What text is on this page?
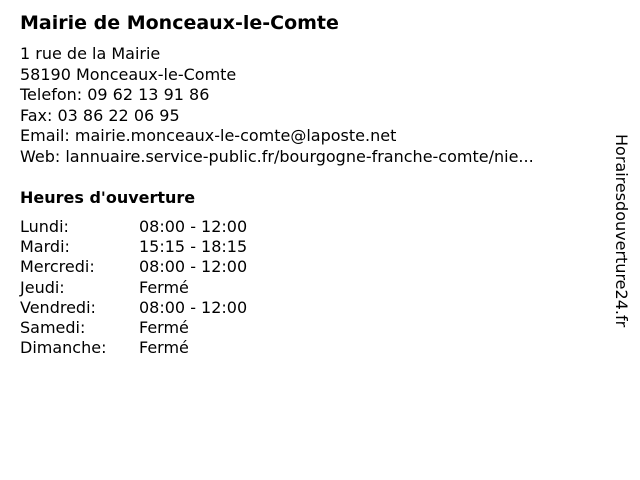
Mairie de Monceaux-le-Comte
1 rue de la Mairie
58190 Monceaux-le-Comte
Telefon: 09 62 13 91 86
Fax: 03 86 22 06 95
Email: mairie.monceaux-le-comte@laposte.net
Web: lannuaire.service-public.fr/bourgogne-franche-comte/nie...
Heures d'ouverture
Lundi:	08:00 - 12:00
Mardi:	15:15 - 18:15
Mercredi:	08:00 - 12:00
Jeudi:	Fermé
Vendredi:	08:00 - 12:00
Samedi:	Fermé
Dimanche:	Fermé
Horairesdouverture24.fr
